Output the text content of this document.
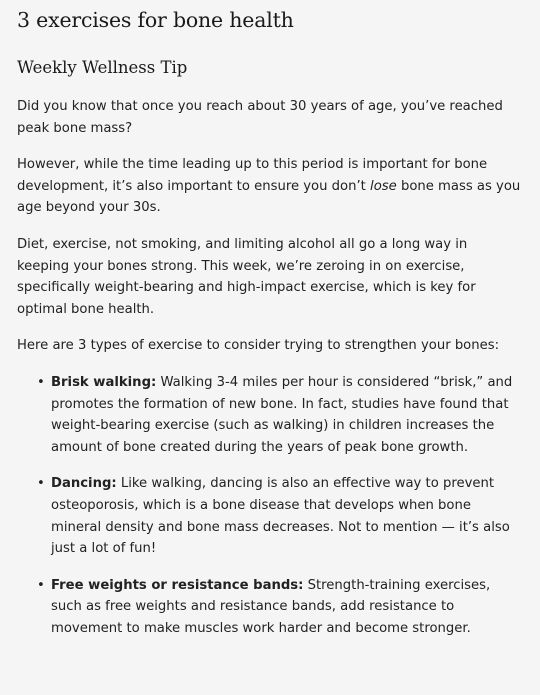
3 exercises for bone health
Weekly Wellness Tip

Did you know that once you reach about 30 years of age, you’ve reached peak bone mass?

However, while the time leading up to this period is important for bone development, it’s also important to ensure you don’t lose bone mass as you age beyond your 30s.

Diet, exercise, not smoking, and limiting alcohol all go a long way in keeping your bones strong. This week, we’re zeroing in on exercise, specifically weight-bearing and high-impact exercise, which is key for optimal bone health.

Here are 3 types of exercise to consider trying to strengthen your bones:

• Brisk walking: Walking 3-4 miles per hour is considered “brisk,” and promotes the formation of new bone. In fact, studies have found that weight-bearing exercise (such as walking) in children increases the amount of bone created during the years of peak bone growth.
• Dancing: Like walking, dancing is also an effective way to prevent osteoporosis, which is a bone disease that develops when bone mineral density and bone mass decreases. Not to mention — it’s also just a lot of fun!
• Free weights or resistance bands: Strength-training exercises, such as free weights and resistance bands, add resistance to movement to make muscles work harder and become stronger.
